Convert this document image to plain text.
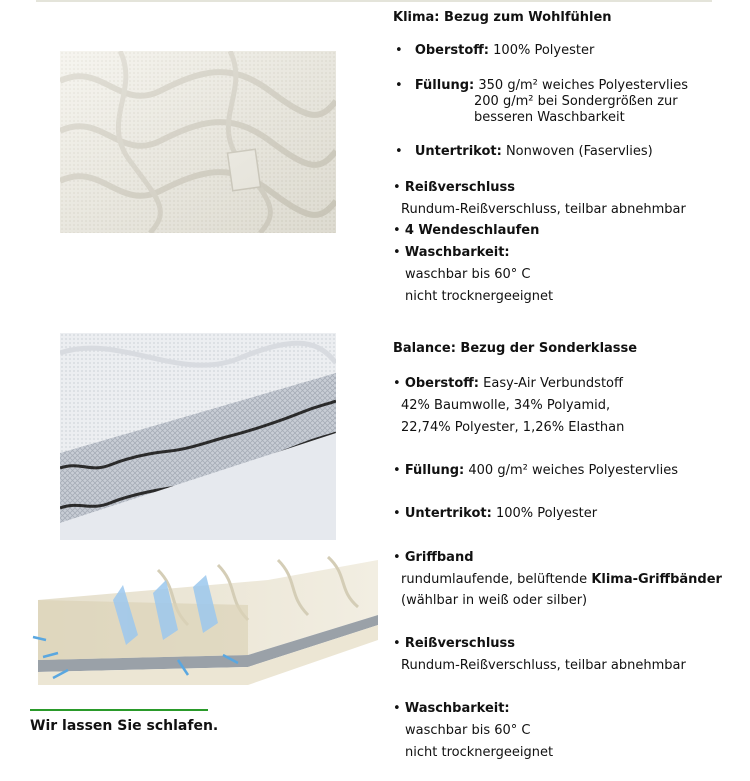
Wir lassen Sie schlafen.
Klima: Bezug zum Wohlfühlen
• Oberstoff: 100% Polyester
• Füllung: 350 g/m² weiches Polyestervlies
200 g/m² bei Sondergrößen zur
besseren Waschbarkeit
• Untertrikot: Nonwoven (Faservlies)
• Reißverschluss
Rundum-Reißverschluss, teilbar abnehmbar
• 4 Wendeschlaufen
• Waschbarkeit:
waschbar bis 60° C
nicht trocknergeeignet
Balance: Bezug der Sonderklasse
• Oberstoff: Easy-Air Verbundstoff
42% Baumwolle, 34% Polyamid,
22,74% Polyester, 1,26% Elasthan
• Füllung: 400 g/m² weiches Polyestervlies
• Untertrikot: 100% Polyester
• Griffband
rundumlaufende, belüftende Klima-Griffbänder
(wählbar in weiß oder silber)
• Reißverschluss
Rundum-Reißverschluss, teilbar abnehmbar
• Waschbarkeit:
waschbar bis 60° C
nicht trocknergeeignet
